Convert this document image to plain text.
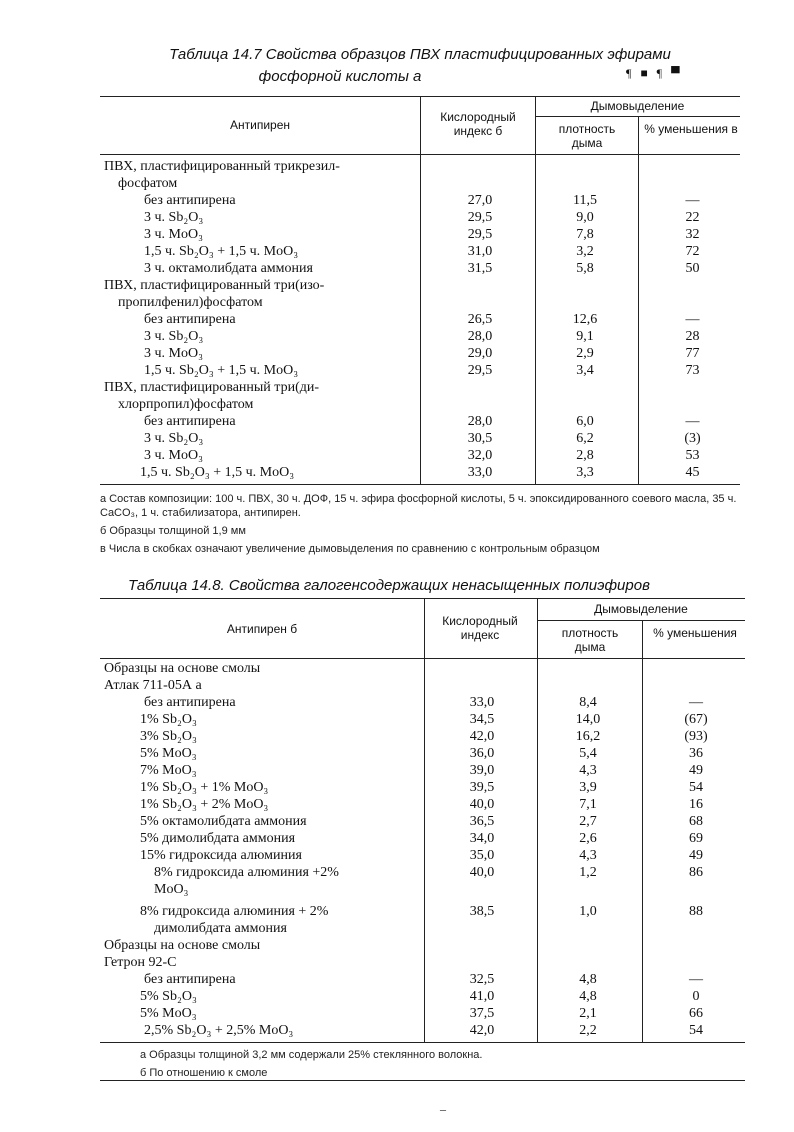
Таблица 14.7 Свойства образцов ПВХ пластифицированных эфирами
фосфорной кислоты а	¶ ■ ¶ ▀
Антипирен
Кислородный индекс б
Дымовыделение
плотность дыма
% уменьшения в
ПВХ, пластифицированный трикрезил-
фосфатом
без антипирена	27,0	11,5	—
3 ч. Sb₂O₃	29,5	9,0	22
3 ч. MoO₃	29,5	7,8	32
1,5 ч. Sb₂O₃ + 1,5 ч. MoO₃	31,0	3,2	72
3 ч. октамолибдата аммония	31,5	5,8	50
ПВХ, пластифицированный три(изо-
пропилфенил)фосфатом
без антипирена	26,5	12,6	—
3 ч. Sb₂O₃	28,0	9,1	28
3 ч. MoO₃	29,0	2,9	77
1,5 ч. Sb₂O₃ + 1,5 ч. MoO₃	29,5	3,4	73
ПВХ, пластифицированный три(ди-
хлорпропил)фосфатом
без антипирена	28,0	6,0	—
3 ч. Sb₂O₃	30,5	6,2	(3)
3 ч. MoO₃	32,0	2,8	53
1,5 ч. Sb₂O₃ + 1,5 ч. MoO₃	33,0	3,3	45
а Состав композиции: 100 ч. ПВХ, 30 ч. ДОФ, 15 ч. эфира фосфорной кислоты, 5 ч. эпоксидированного соевого масла, 35 ч. CaCO₃, 1 ч. стабилизатора, антипирен.
б Образцы толщиной 1,9 мм
в Числа в скобках означают увеличение дымовыделения по сравнению с контрольным образцом
Таблица 14.8. Свойства галогенсодержащих ненасыщенных полиэфиров
Антипирен б
Кислородный индекс
Дымовыделение
плотность дыма
% уменьшения
Образцы на основе смолы
Атлак 711-05А а
без антипирена	33,0	8,4	—
1% Sb₂O₃	34,5	14,0	(67)
3% Sb₂O₃	42,0	16,2	(93)
5% MoO₃	36,0	5,4	36
7% MoO₃	39,0	4,3	49
1% Sb₂O₃ + 1% MoO₃	39,5	3,9	54
1% Sb₂O₃ + 2% MoO₃	40,0	7,1	16
5% октамолибдата аммония	36,5	2,7	68
5% димолибдата аммония	34,0	2,6	69
15% гидроксида алюминия	35,0	4,3	49
8% гидроксида алюминия +2%	40,0	1,2	86
MoO₃
8% гидроксида алюминия + 2%	38,5	1,0	88
димолибдата аммония
Образцы на основе смолы
Гетрон 92-С
без антипирена	32,5	4,8	—
5% Sb₂O₃	41,0	4,8	0
5% MoO₃	37,5	2,1	66
2,5% Sb₂O₃ + 2,5% MoO₃	42,0	2,2	54
а Образцы толщиной 3,2 мм содержали 25% стеклянного волокна.
б По отношению к смоле
–
